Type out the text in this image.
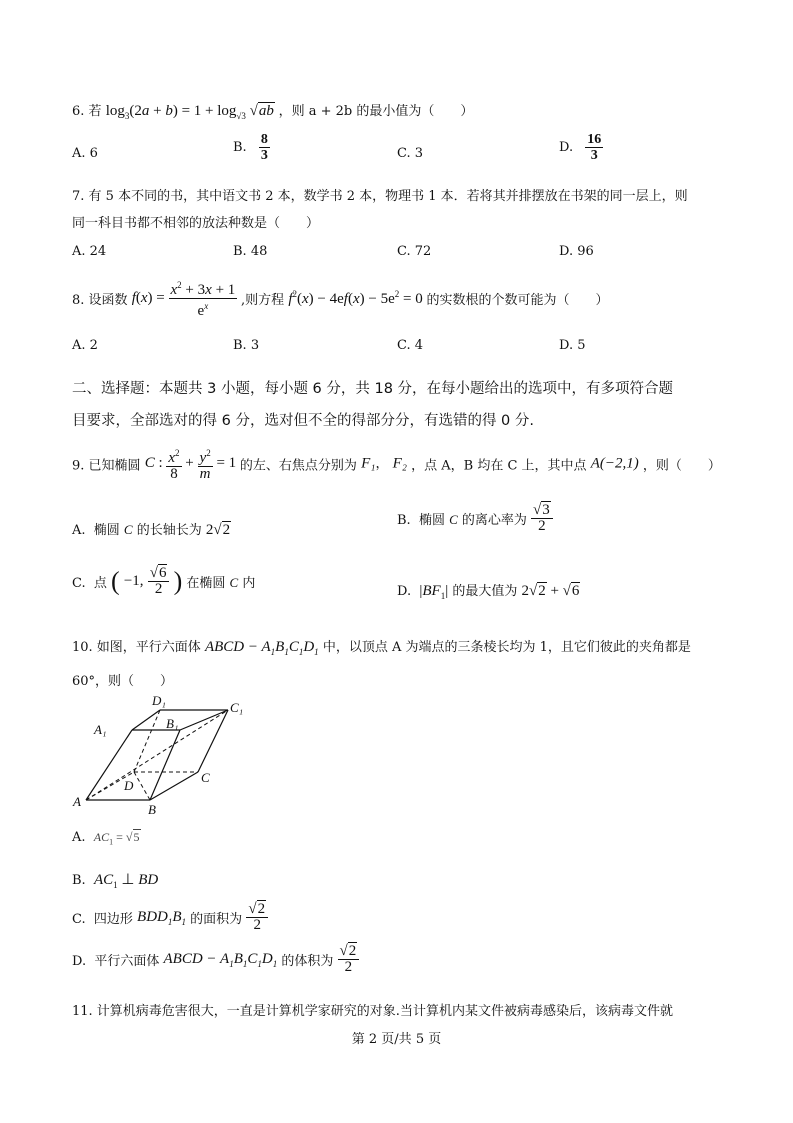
6. 若 $\log_3(2a + b) = 1 + \log_{√3} √ab$ ，则 a + 2b 的最小值为（　　）
A. 6	B. $\frac{8}{3}$	C. 3	D. $\frac{16}{3}$
7. 有 5 本不同的书，其中语文书 2 本，数学书 2 本，物理书 1 本．若将其并排摆放在书架的同一层上，则
同一科目书都不相邻的放法种数是（　　）
A. 24	B. 48	C. 72	D. 96
8. 设函数 $f(x) = \frac{x^2 + 3x + 1}{e^x}$ ,则方程 $f^2(x) - 4ef(x) - 5e^2 = 0$ 的实数根的个数可能为（　　）
A. 2	B. 3	C. 4	D. 5
二、选择题：本题共 3 小题，每小题 6 分，共 18 分，在每小题给出的选项中，有多项符合题
目要求，全部选对的得 6 分，选对但不全的得部分分，有选错的得 0 分.
9. 已知椭圆 C : $\frac{x^2}{8} + \frac{y^2}{m} = 1$ 的左、右焦点分别为 F₁， F₂ ，点 A，B 均在 C 上，其中点 A(−2,1) ，则（　　）
A.  椭圆 C 的长轴长为 2√2
B.  椭圆 C 的离心率为 $\frac{√3}{2}$
C.  点 ( −1, $\frac{√6}{2}$ ) 在椭圆 C 内
D.  $|BF_1|$ 的最大值为 2√2 + √6
10. 如图，平行六面体 ABCD − $A_1B_1C_1D_1$ 中，以顶点 A 为端点的三条棱长均为 1，且它们彼此的夹角都是
60°，则（　　）
D₁	C₁
A₁	B₁
D
C
A
B
A.  $AC_1 = √5$
B.  $AC_1$ ⊥ BD
C.  四边形 $BDD_1B_1$ 的面积为 $\frac{√2}{2}$
D.  平行六面体 ABCD − $A_1B_1C_1D_1$ 的体积为 $\frac{√2}{2}$
11. 计算机病毒危害很大，一直是计算机学家研究的对象.当计算机内某文件被病毒感染后，该病毒文件就
第 2 页/共 5 页
